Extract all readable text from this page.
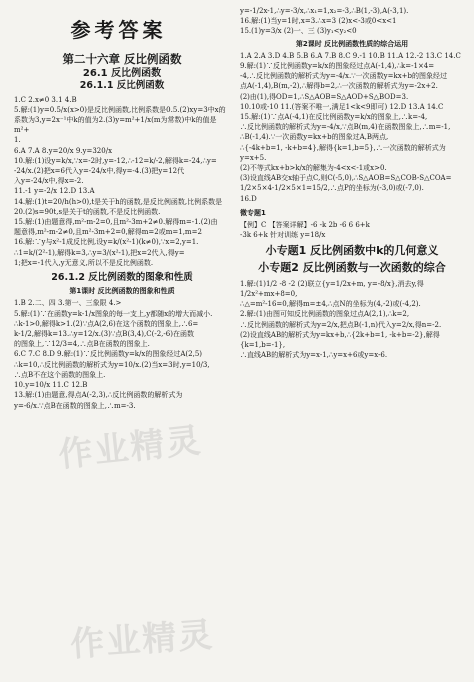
参考答案
第二十六章 反比例函数
26.1 反比例函数
26.1.1 反比例函数
1.C 2.x≠0 3.1 4.B
5.解:(1)y=0.5/x(x>0)是反比例函数,比例系数是0.5.(2)xy=3中x的
系数为3,y=2x⁻¹中k的值为2.(3)y=m²+1/x(m为常数)中k的值是m²+
1.
6.A 7.A 8.y=20/x 9.y=320/x
10.解:(1)设y=k/x,∵x=-2时,y=-12,∴-12=k/-2,解得k=-24,∴y=
-24/x.(2)把x=6代入y=-24/x中,得y=-4.(3)把y=12代
入y=-24/x中,得x=-2.
11.-1 y=-2/x 12.D 13.A
14.解:(1)t=20/h(h>0),t是关于h的函数,是反比例函数,比例系数是
20.(2)s=90t,s是关于t的函数,不是反比例函数.
15.解:(1)由题意得,m²-m-2=0,且m²-3m+2≠0.解得m=-1.(2)由
题意得,m²-m-2≠0,且m²-3m+2=0,解得m=2或m=1,m=2
16.解:∵y与x²-1成反比例,设y=k/(x²-1)(k≠0),∵x=2,y=1.
∴1=k/(2²-1),解得k=3,∴y=3/(x²-1),把x=2代入,得y=
1;把x=-1代入,y无意义,所以不是反比例函数.
26.1.2 反比例函数的图象和性质
第1课时 反比例函数的图象和性质
1.B 2.二、四 3.第一、三象限 4.>
5.解:(1)∵在函数y=k-1/x图象的每一支上,y都随x的增大而减小.
∴k-1>0,解得k>1.(2)∵点A(2,6)在这个函数的图象上,∴6=
k-1/2,解得k=13.∴y=12/x.(3)∵点B(3,4),C(-2,-6)在函数
的图象上,∵12/3=4,∴点B在函数的图象上.
6.C 7.C 8.D 9.解:(1)∵反比例函数y=k/x的图象经过A(2,5)
∴k=10,∴反比例函数的解析式为y=10/x.(2)当x=3时,y=10/3,
∴点B不在这个函数的图象上.
10.y=10/x 11.C 12.B
13.解:(1)由题意,得点A(-2,3),∴反比例函数的解析式为
y=-6/x.∵点B在函数的图象上,∴m=-3.
y=-1/2x-1,∴y=-3/x,∴x₁=1,x₂=-3,∴B(1,-3),A(-3,1).
16.解:(1)当y=1时,x=3.∴x=3 (2)x<-3或0<x<1
15.(1)y=3/x (2)一、三 (3)y₁<y₂<0
第2课时 反比例函数性质的综合运用
1.A 2.A 3.D 4.B 5.B 6.A 7.B 8.C 9.-1 10.B 11.A 12.-2 13.C 14.C
9.解:(1)∵反比例函数y=k/x的图象经过点A(-1,4),∴k=-1×4=
-4,∴反比例函数的解析式为y=-4/x.∵一次函数y=kx+b的图象经过
点A(-1,4),B(m,-2),∴解得b=2,∴一次函数的解析式为y=-2x+2.
(2)由(1),得OD=1,∴S△AOB=S△AOD+S△BOD=3.
10.10或-10 11.(答案不唯一,满足1<k<9即可) 12.D 13.A 14.C
15.解:(1)∵点A(-4,1)在反比例函数y=k/x的图象上,∴k=-4,
∴反比例函数的解析式为y=-4/x,∵点B(m,4)在函数图象上,∴m=-1,
∴B(-1,4).∵一次函数y=kx+b的图象过A,B两点,
∴{-4k+b=1, -k+b=4},解得{k=1,b=5},∴一次函数的解析式为y=x+5.
(2)不等式kx+b>k/x的解集为-4<x<-1或x>0.
(3)设直线AB交x轴于点C,则C(-5,0),∴S△AOB=S△COB-S△COA=
1/2×5×4-1/2×5×1=15/2,∴点P的坐标为(-3,0)或(-7,0).
16.D
微专题1
【例】C 【答案详解】-6 -k 2b -6 6 6+k
-3k 6+k 针对训练 y=18/x
小专题1 反比例函数中k的几何意义
小专题2 反比例函数与一次函数的综合
1.解:(1)1/2 -8 -2 (2)联立{y=1/2x+m, y=-8/x},消去y,得1/2x²+mx+8=0,
∴△=m²-16=0,解得m=±4,∴点N的坐标为(4,-2)或(-4,2).
2.解:(1)由图可知反比例函数的图象过点A(2,1),∴k=2,
∴反比例函数的解析式为y=2/x,把点B(-1,n)代入y=2/x,得n=-2.
(2)设直线AB的解析式为y=kx+b,∴{2k+b=1, -k+b=-2},解得{k=1,b=-1},
∴直线AB的解析式为y=x-1,∴y=x+6或y=x-6.
作业精灵
作业精灵
